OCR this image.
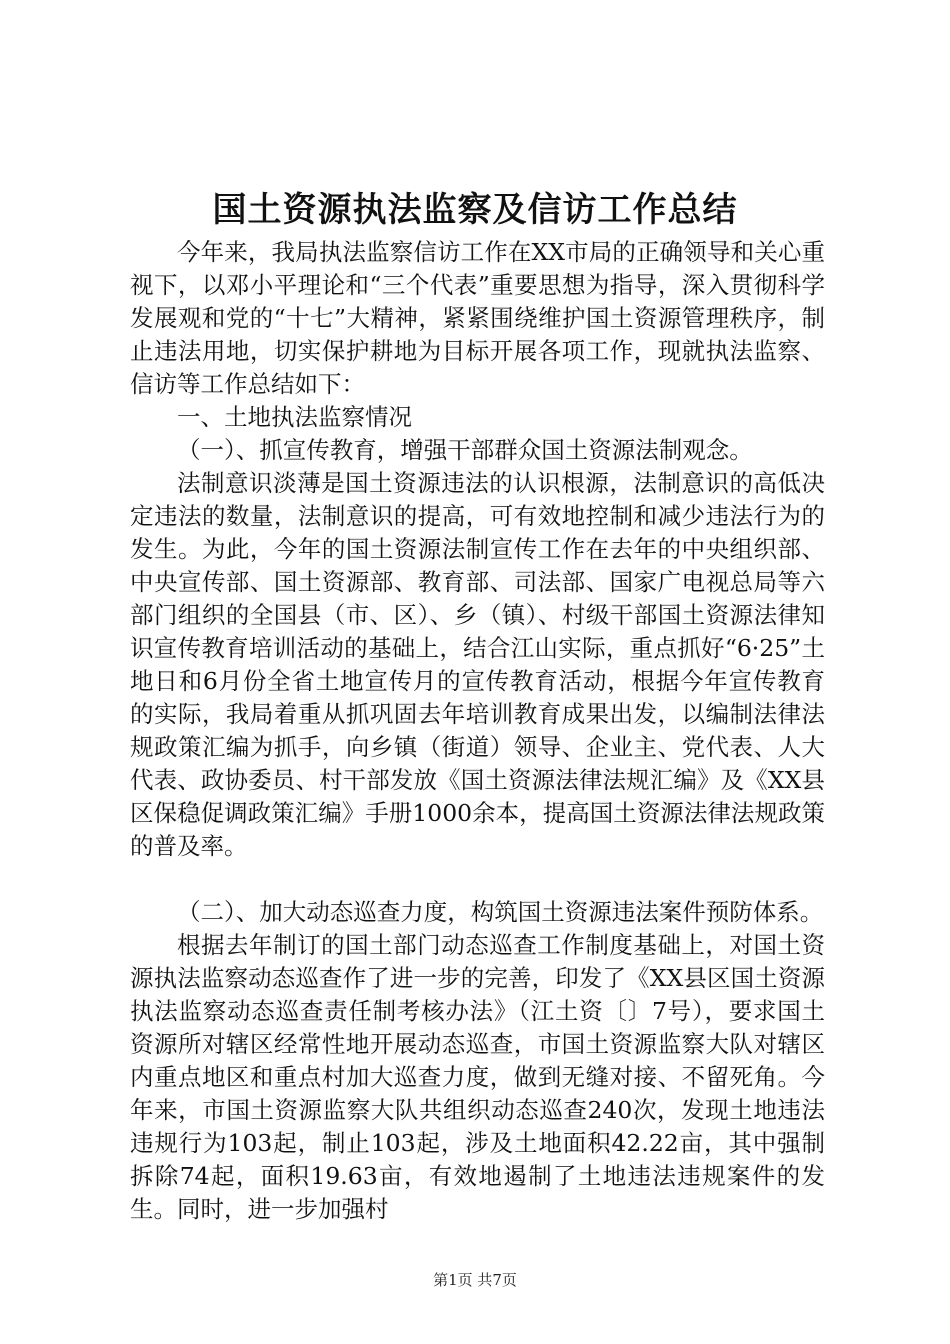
国土资源执法监察及信访工作总结

今年来，我局执法监察信访工作在XX市局的正确领导和关心重视下，以邓小平理论和“三个代表”重要思想为指导，深入贯彻科学发展观和党的“十七”大精神，紧紧围绕维护国土资源管理秩序，制止违法用地，切实保护耕地为目标开展各项工作，现就执法监察、信访等工作总结如下：

一、土地执法监察情况

（一）、抓宣传教育，增强干部群众国土资源法制观念。

法制意识淡薄是国土资源违法的认识根源，法制意识的高低决定违法的数量，法制意识的提高，可有效地控制和减少违法行为的发生。为此，今年的国土资源法制宣传工作在去年的中央组织部、中央宣传部、国土资源部、教育部、司法部、国家广电视总局等六部门组织的全国县（市、区）、乡（镇）、村级干部国土资源法律知识宣传教育培训活动的基础上，结合江山实际，重点抓好“6·25”土地日和6月份全省土地宣传月的宣传教育活动，根据今年宣传教育的实际，我局着重从抓巩固去年培训教育成果出发，以编制法律法规政策汇编为抓手，向乡镇（街道）领导、企业主、党代表、人大代表、政协委员、村干部发放《国土资源法律法规汇编》及《XX县区保稳促调政策汇编》手册1000余本，提高国土资源法律法规政策的普及率。

（二）、加大动态巡查力度，构筑国土资源违法案件预防体系。

根据去年制订的国土部门动态巡查工作制度基础上，对国土资源执法监察动态巡查作了进一步的完善，印发了《XX县区国土资源执法监察动态巡查责任制考核办法》（江土资〔〕7号），要求国土资源所对辖区经常性地开展动态巡查，市国土资源监察大队对辖区内重点地区和重点村加大巡查力度，做到无缝对接、不留死角。今年来，市国土资源监察大队共组织动态巡查240次，发现土地违法违规行为103起，制止103起，涉及土地面积42.22亩，其中强制拆除74起，面积19.63亩，有效地遏制了土地违法违规案件的发生。同时，进一步加强村

第1页 共7页
